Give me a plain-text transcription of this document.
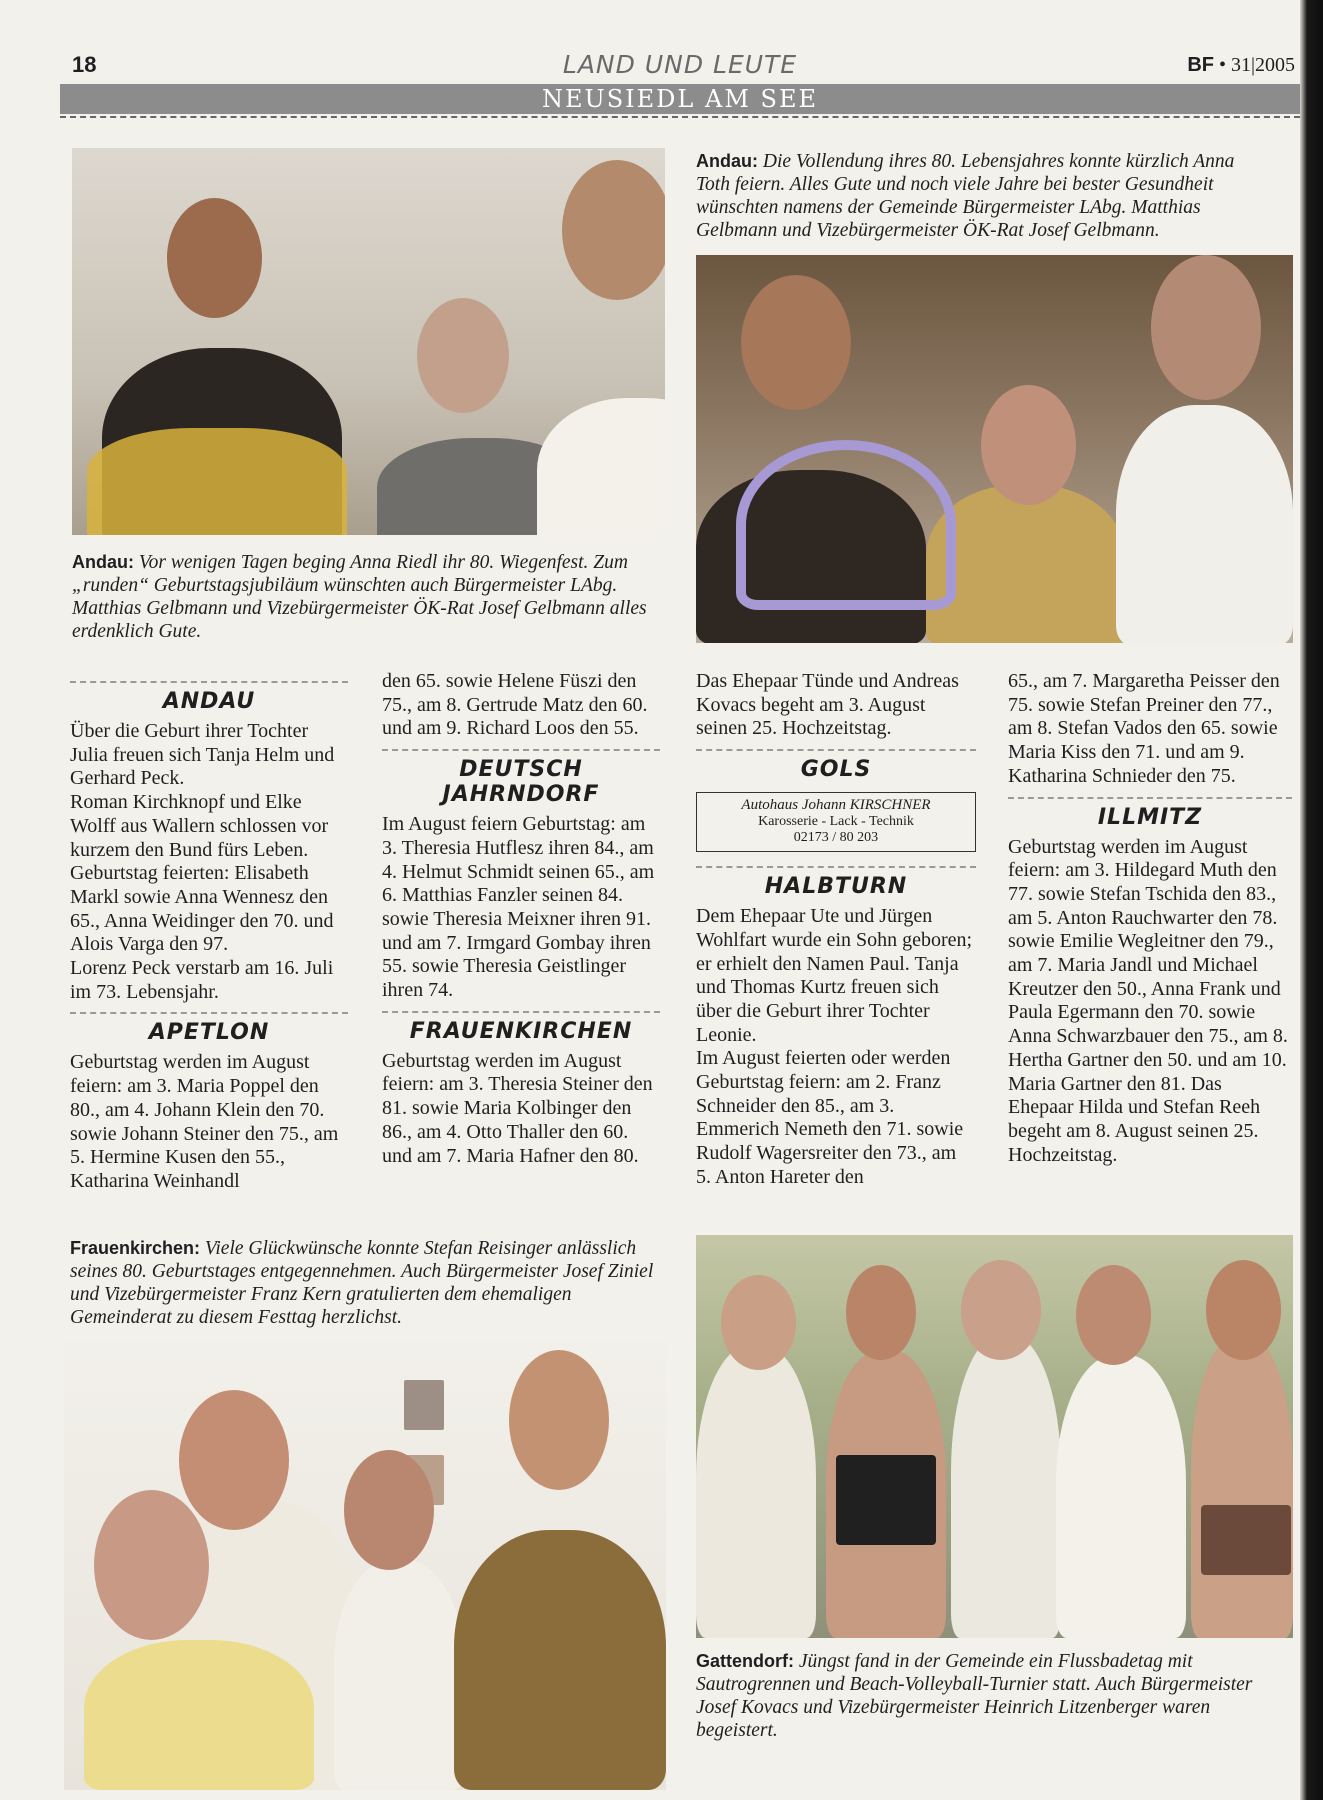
18	LAND UND LEUTE	BF • 31|2005
NEUSIEDL AM SEE
Andau: Vor wenigen Tagen beging Anna Riedl ihr 80. Wiegenfest. Zum „runden“ Geburtstagsjubiläum wünschten auch Bürgermeister LAbg. Matthias Gelbmann und Vizebürgermeister ÖK-Rat Josef Gelbmann alles erdenklich Gute.
Andau: Die Vollendung ihres 80. Lebensjahres konnte kürzlich Anna Toth feiern. Alles Gute und noch viele Jahre bei bester Gesundheit wünschten namens der Gemeinde Bürgermeister LAbg. Matthias Gelbmann und Vizebürgermeister ÖK-Rat Josef Gelbmann.
ANDAU

Über die Geburt ihrer Tochter Julia freuen sich Tanja Helm und Gerhard Peck.

Roman Kirchknopf und Elke Wolff aus Wallern schlossen vor kurzem den Bund fürs Leben.

Geburtstag feierten: Elisabeth Markl sowie Anna Wennesz den 65., Anna Weidinger den 70. und Alois Varga den 97.

Lorenz Peck verstarb am 16. Juli im 73. Lebensjahr.

APETLON

Geburtstag werden im August feiern: am 3. Maria Poppel den 80., am 4. Johann Klein den 70. sowie Johann Steiner den 75., am 5. Hermine Kusen den 55., Katharina Weinhandl

den 65. sowie Helene Füszi den 75., am 8. Gertrude Matz den 60. und am 9. Richard Loos den 55.

DEUTSCH JAHRNDORF

Im August feiern Geburtstag: am 3. Theresia Hutflesz ihren 84., am 4. Helmut Schmidt seinen 65., am 6. Matthias Fanzler seinen 84. sowie Theresia Meixner ihren 91. und am 7. Irmgard Gombay ihren 55. sowie Theresia Geistlinger ihren 74.

FRAUENKIRCHEN

Geburtstag werden im August feiern: am 3. Theresia Steiner den 81. sowie Maria Kolbinger den 86., am 4. Otto Thaller den 60. und am 7. Maria Hafner den 80.

Das Ehepaar Tünde und Andreas Kovacs begeht am 3. August seinen 25. Hochzeitstag.

GOLS
Autohaus Johann KIRSCHNER
Karosserie - Lack - Technik
02173 / 80 203
HALBTURN

Dem Ehepaar Ute und Jürgen Wohlfart wurde ein Sohn geboren; er erhielt den Namen Paul. Tanja und Thomas Kurtz freuen sich über die Geburt ihrer Tochter Leonie.

Im August feierten oder werden Geburtstag feiern: am 2. Franz Schneider den 85., am 3. Emmerich Nemeth den 71. sowie Rudolf Wagersreiter den 73., am 5. Anton Hareter den

65., am 7. Margaretha Peisser den 75. sowie Stefan Preiner den 77., am 8. Stefan Vados den 65. sowie Maria Kiss den 71. und am 9. Katharina Schnieder den 75.

ILLMITZ

Geburtstag werden im August feiern: am 3. Hildegard Muth den 77. sowie Stefan Tschida den 83., am 5. Anton Rauchwarter den 78. sowie Emilie Wegleitner den 79., am 7. Maria Jandl und Michael Kreutzer den 50., Anna Frank und Paula Egermann den 70. sowie Anna Schwarzbauer den 75., am 8. Hertha Gartner den 50. und am 10. Maria Gartner den 81. Das Ehepaar Hilda und Stefan Reeh begeht am 8. August seinen 25. Hochzeitstag.

Frauenkirchen: Viele Glückwünsche konnte Stefan Reisinger anlässlich seines 80. Geburtstages entgegennehmen. Auch Bürgermeister Josef Ziniel und Vizebürgermeister Franz Kern gratulierten dem ehemaligen Gemeinderat zu diesem Festtag herzlichst.
Gattendorf: Jüngst fand in der Gemeinde ein Flussbadetag mit Sautrogrennen und Beach-Volleyball-Turnier statt. Auch Bürgermeister Josef Kovacs und Vizebürgermeister Heinrich Litzenberger waren begeistert.
